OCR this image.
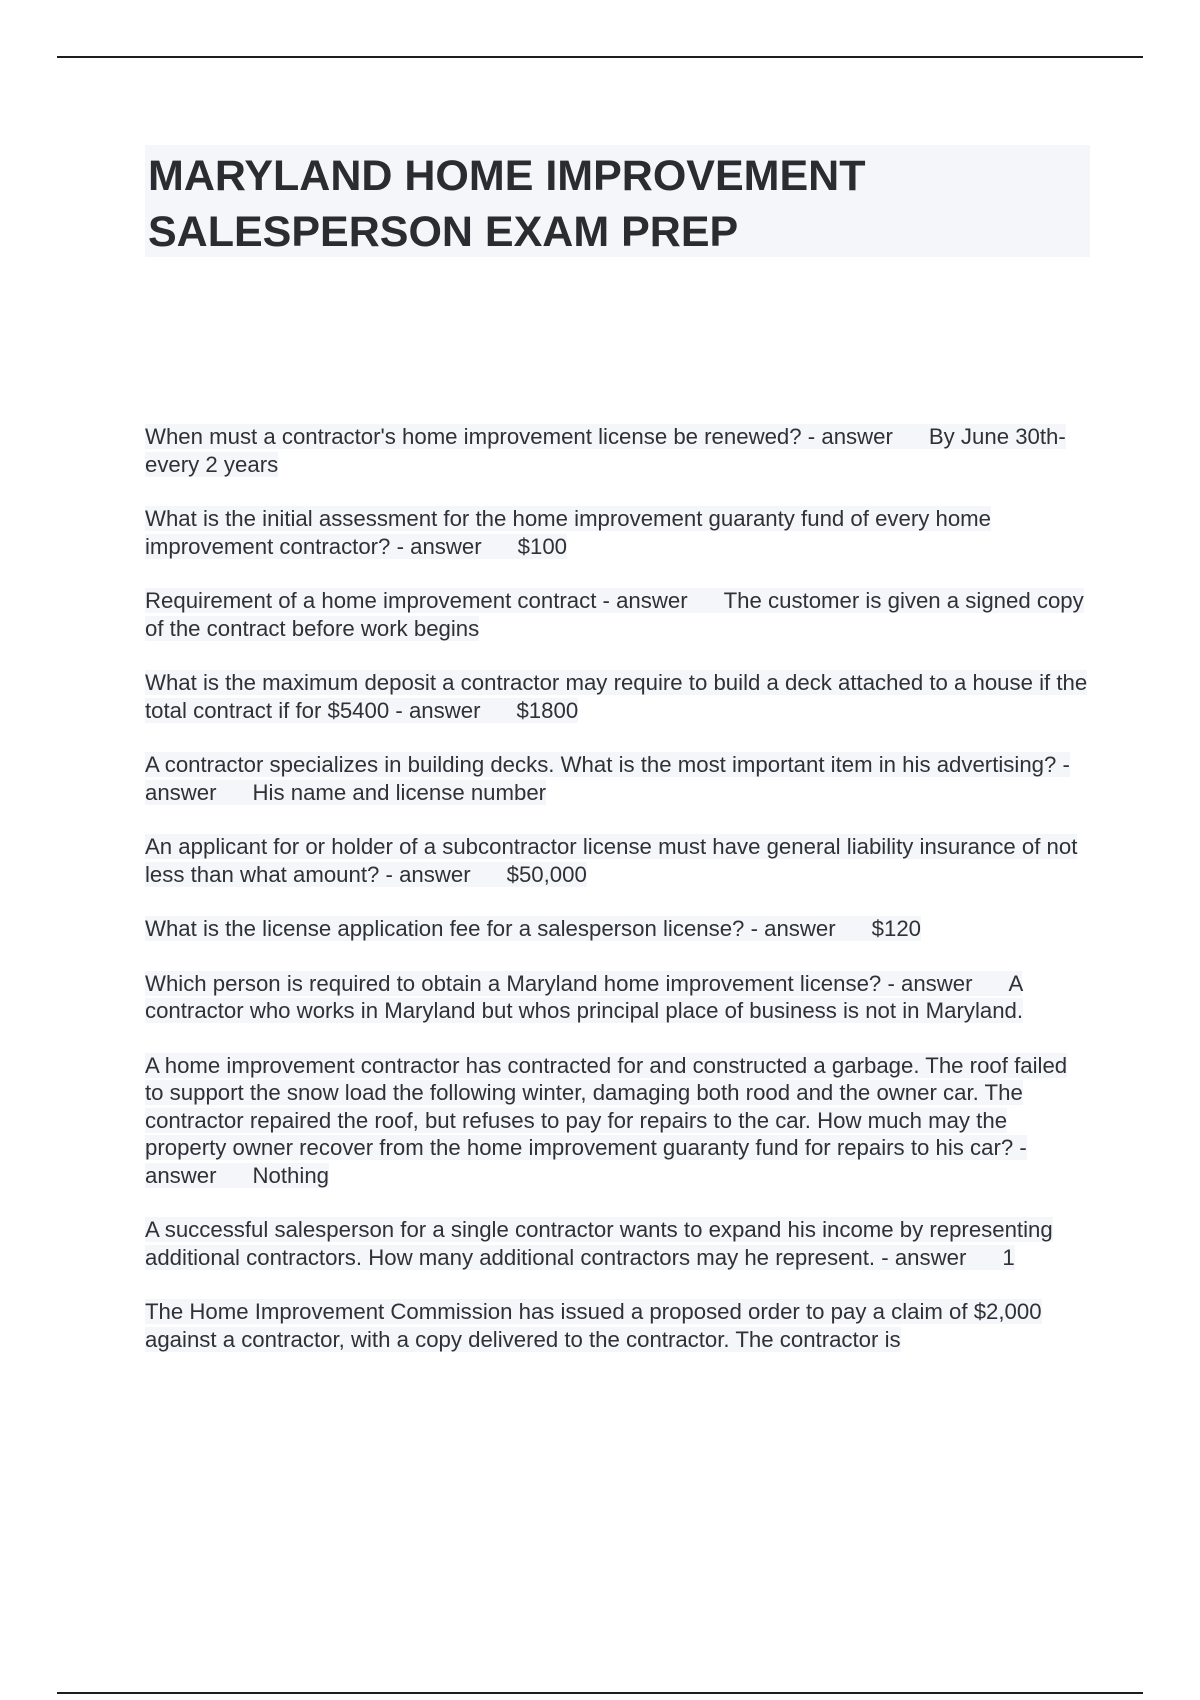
MARYLAND HOME IMPROVEMENT SALESPERSON EXAM PREP

When must a contractor's home improvement license be renewed? - answer By June 30th- every 2 years

What is the initial assessment for the home improvement guaranty fund of every home improvement contractor? - answer $100

Requirement of a home improvement contract - answer The customer is given a signed copy of the contract before work begins

What is the maximum deposit a contractor may require to build a deck attached to a house if the total contract if for $5400 - answer $1800

A contractor specializes in building decks. What is the most important item in his advertising? - answer His name and license number

An applicant for or holder of a subcontractor license must have general liability insurance of not less than what amount? - answer $50,000

What is the license application fee for a salesperson license? - answer $120

Which person is required to obtain a Maryland home improvement license? - answer A contractor who works in Maryland but whos principal place of business is not in Maryland.

A home improvement contractor has contracted for and constructed a garbage. The roof failed to support the snow load the following winter, damaging both rood and the owner car. The contractor repaired the roof, but refuses to pay for repairs to the car. How much may the property owner recover from the home improvement guaranty fund for repairs to his car? - answer Nothing

A successful salesperson for a single contractor wants to expand his income by representing additional contractors. How many additional contractors may he represent. - answer 1

The Home Improvement Commission has issued a proposed order to pay a claim of $2,000 against a contractor, with a copy delivered to the contractor. The contractor is
